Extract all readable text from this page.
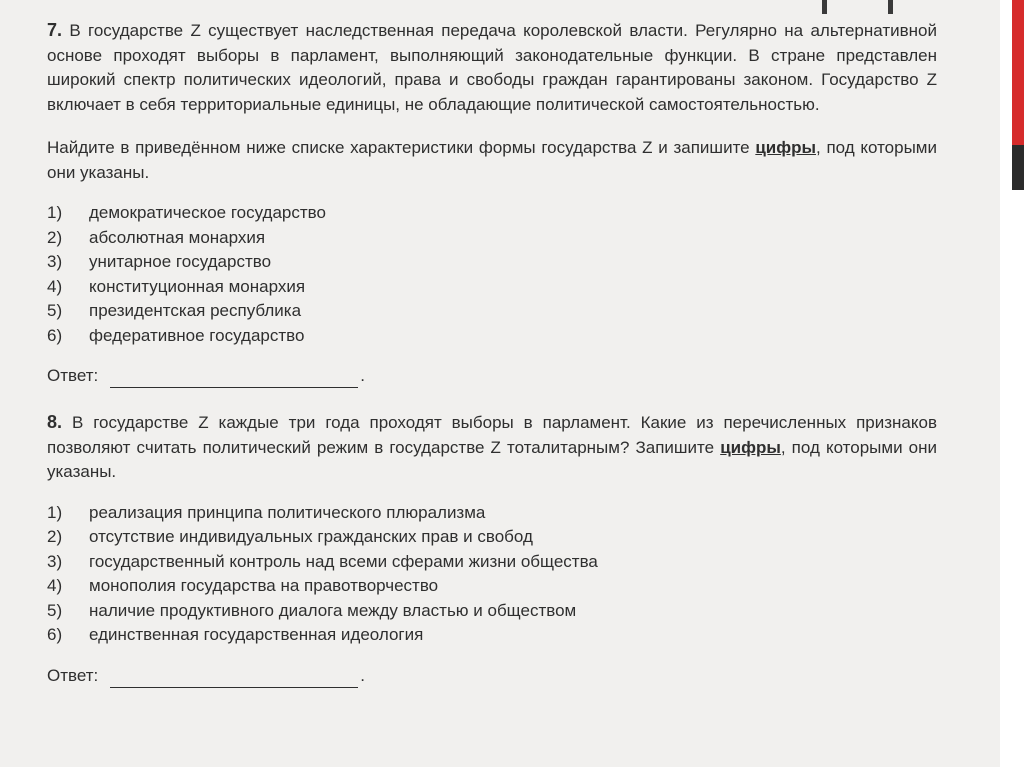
7. В государстве Z существует наследственная передача королевской власти. Регулярно на альтернативной основе проходят выборы в парламент, выполняющий законодательные функции. В стране представлен широкий спектр политических идеологий, права и свободы граждан гарантированы законом. Государство Z включает в себя территориальные единицы, не обладающие политической самостоятельностью.

Найдите в приведённом ниже списке характеристики формы государства Z и запишите цифры, под которыми они указаны.

1)	демократическое государство
2)	абсолютная монархия
3)	унитарное государство
4)	конституционная монархия
5)	президентская республика
6)	федеративное государство
Ответ:	.

8. В государстве Z каждые три года проходят выборы в парламент. Какие из перечисленных признаков позволяют считать политический режим в государстве Z тоталитарным? Запишите цифры, под которыми они указаны.

1)	реализация принципа политического плюрализма
2)	отсутствие индивидуальных гражданских прав и свобод
3)	государственный контроль над всеми сферами жизни общества
4)	монополия государства на правотворчество
5)	наличие продуктивного диалога между властью и обществом
6)	единственная государственная идеология
Ответ:	.
